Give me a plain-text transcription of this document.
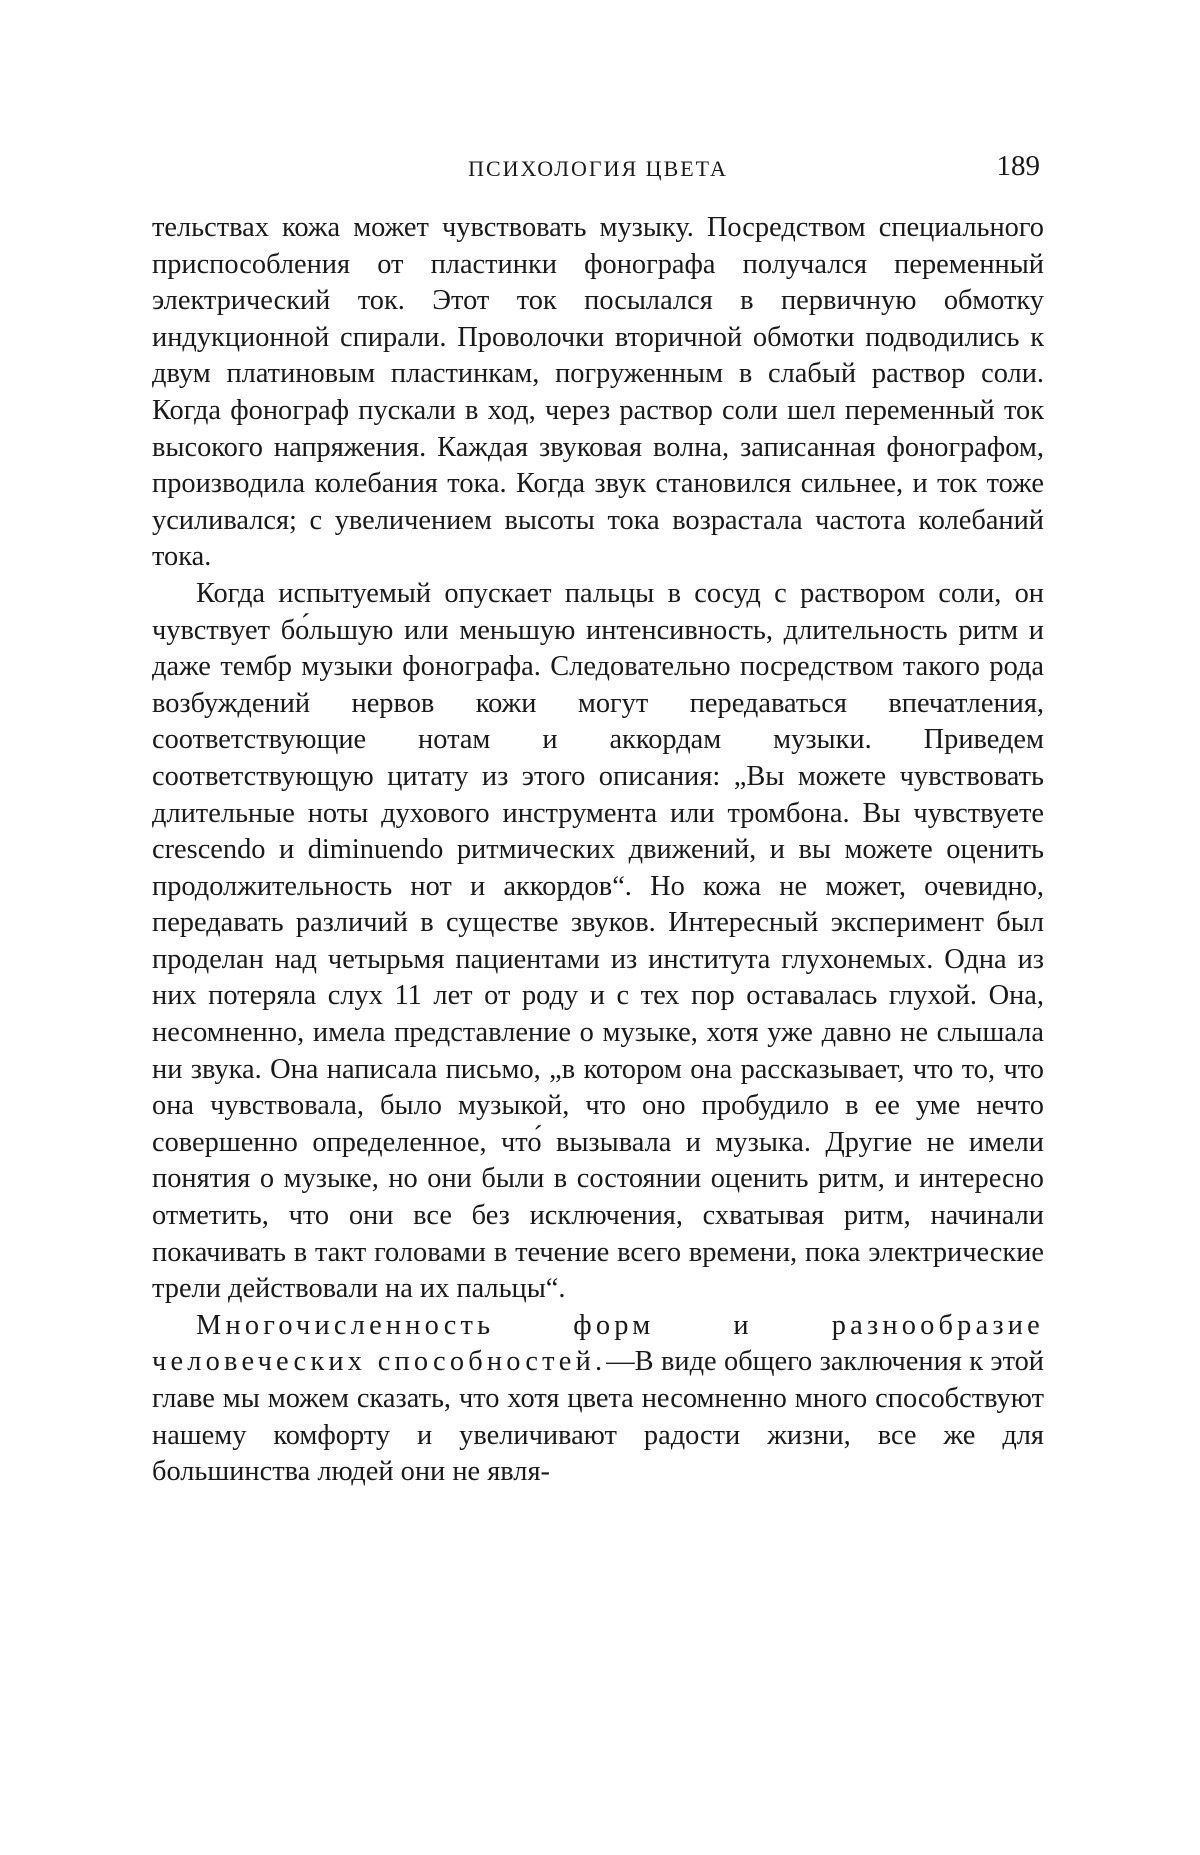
ПСИХОЛОГИЯ ЦВЕТА	189

тельствах кожа может чувствовать музыку. Посредством специального приспособления от пластинки фонографа получался переменный электрический ток. Этот ток посылался в первичную обмотку индукционной спирали. Проволочки вторичной обмотки подводились к двум платиновым пластинкам, погруженным в слабый раствор соли. Когда фонограф пускали в ход, через раствор соли шел переменный ток высокого напряжения. Каждая звуковая волна, записанная фонографом, производила колебания тока. Когда звук становился сильнее, и ток тоже усиливался; с увеличением высоты тока возрастала частота колебаний тока.

Когда испытуемый опускает пальцы в сосуд с раствором соли, он чувствует бо́льшую или меньшую интенсивность, длительность ритм и даже тембр музыки фонографа. Следовательно посредством такого рода возбуждений нервов кожи могут передаваться впечатления, соответствующие нотам и аккордам музыки. Приведем соответствующую цитату из этого описания: „Вы можете чувствовать длительные ноты духового инструмента или тромбона. Вы чувствуете crescendo и diminuendo ритмических движений, и вы можете оценить продолжительность нот и аккордов“. Но кожа не может, очевидно, передавать различий в существе звуков. Интересный эксперимент был проделан над четырьмя пациентами из института глухонемых. Одна из них потеряла слух 11 лет от роду и с тех пор оставалась глухой. Она, несомненно, имела представление о музыке, хотя уже давно не слышала ни звука. Она написала письмо, „в котором она рассказывает, что то, что она чувствовала, было музыкой, что оно пробудило в ее уме нечто совершенно определенное, что́ вызывала и музыка. Другие не имели понятия о музыке, но они были в состоянии оценить ритм, и интересно отметить, что они все без исключения, схватывая ритм, начинали покачивать в такт головами в течение всего времени, пока электрические трели действовали на их пальцы“.

Многочисленность форм и разнообразие человеческих способностей.—В виде общего заключения к этой главе мы можем сказать, что хотя цвета несомненно много способствуют нашему комфорту и увеличивают радости жизни, все же для большинства людей они не явля-
